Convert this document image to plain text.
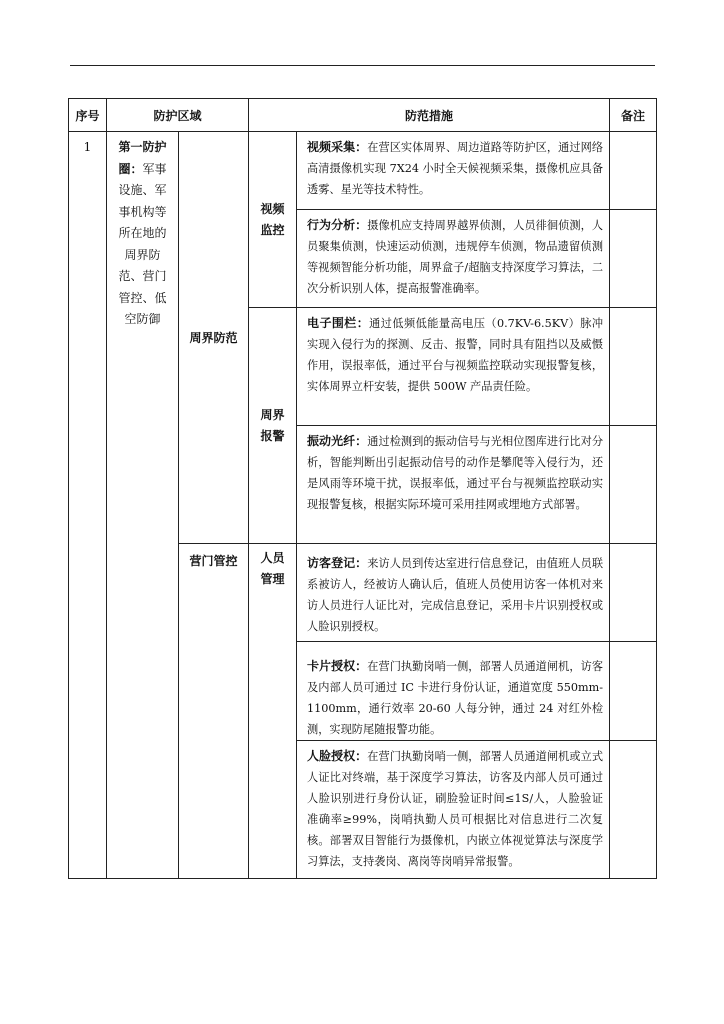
序号	防护区域		防范措施		备注
1	第一防护圈：军事设施、军事机构等所在地的周界防范、营门管控、低空防御	周界防范	视频监控	视频采集：在营区实体周界、周边道路等防护区，通过网络高清摄像机实现 7X24 小时全天候视频采集，摄像机应具备透雾、星光等技术特性。	
				行为分析：摄像机应支持周界越界侦测，人员徘徊侦测，人员聚集侦测，快速运动侦测，违规停车侦测，物品遗留侦测等视频智能分析功能，周界盒子/超脑支持深度学习算法，二次分析识别人体，提高报警准确率。	
			周界报警	电子围栏：通过低频低能量高电压（0.7KV-6.5KV）脉冲实现入侵行为的探测、反击、报警，同时具有阻挡以及威慑作用，误报率低，通过平台与视频监控联动实现报警复核，实体周界立杆安装，提供 500W 产品责任险。	
				振动光纤：通过检测到的振动信号与光相位图库进行比对分析，智能判断出引起振动信号的动作是攀爬等入侵行为，还是风雨等环境干扰，误报率低，通过平台与视频监控联动实现报警复核，根据实际环境可采用挂网或埋地方式部署。	
		营门管控	人员管理	访客登记：来访人员到传达室进行信息登记，由值班人员联系被访人，经被访人确认后，值班人员使用访客一体机对来访人员进行人证比对，完成信息登记，采用卡片识别授权或人脸识别授权。	
				卡片授权：在营门执勤岗哨一侧，部署人员通道闸机，访客及内部人员可通过 IC 卡进行身份认证，通道宽度 550mm-1100mm，通行效率 20-60 人每分钟，通过 24 对红外检测，实现防尾随报警功能。	
				人脸授权：在营门执勤岗哨一侧，部署人员通道闸机或立式人证比对终端，基于深度学习算法，访客及内部人员可通过人脸识别进行身份认证，刷脸验证时间≤1S/人，人脸验证准确率≥99%，岗哨执勤人员可根据比对信息进行二次复核。部署双目智能行为摄像机，内嵌立体视觉算法与深度学习算法，支持袭岗、离岗等岗哨异常报警。	
